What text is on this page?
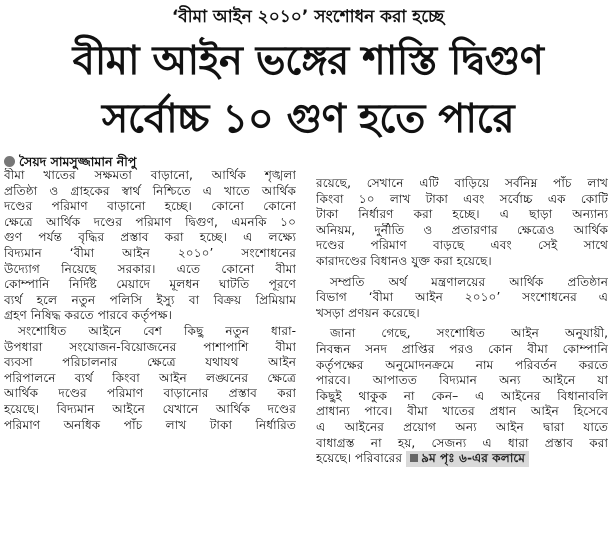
‘বীমা আইন ২০১০’ সংশোধন করা হচ্ছে
বীমা আইন ভঙ্গের শাস্তি দ্বিগুণ
সর্বোচ্চ ১০ গুণ হতে পারে
সৈয়দ সামসুজ্জামান নীপু
বীমা খাতের সক্ষমতা বাড়ানো, আর্থিক শৃঙ্খলা
প্রতিষ্ঠা ও গ্রাহকের স্বার্থ নিশ্চিতে এ খাতে আর্থিক
দণ্ডের পরিমাণ বাড়ানো হচ্ছে। কোনো কোনো
ক্ষেত্রে আর্থিক দণ্ডের পরিমাণ দ্বিগুণ, এমনকি ১০
গুণ পর্যন্ত বৃদ্ধির প্রস্তাব করা হচ্ছে। এ লক্ষ্যে
বিদ্যমান ‘বীমা আইন ২০১০’ সংশোধনের
উদ্যোগ নিয়েছে সরকার। এতে কোনো বীমা
কোম্পানি নির্দিষ্ট মেয়াদে মূলধন ঘাটতি পূরণে
ব্যর্থ হলে নতুন পলিসি ইস্যু বা বিক্রয় প্রিমিয়াম
গ্রহণ নিষিদ্ধ করতে পারবে কর্তৃপক্ষ।
সংশোধিত আইনে বেশ কিছু নতুন ধারা-
উপধারা সংযোজন-বিয়োজনের পাশাপাশি বীমা
ব্যবসা পরিচালনার ক্ষেত্রে যথাযথ আইন
পরিপালনে ব্যর্থ কিংবা আইন লঙ্ঘনের ক্ষেত্রে
আর্থিক দণ্ডের পরিমাণ বাড়ানোর প্রস্তাব করা
হয়েছে। বিদ্যমান আইনে যেখানে আর্থিক দণ্ডের
পরিমাণ অনধিক পাঁচ লাখ টাকা নির্ধারিত
রয়েছে, সেখানে এটি বাড়িয়ে সর্বনিম্ন পাঁচ লাখ
কিংবা ১০ লাখ টাকা এবং সর্বোচ্চ এক কোটি
টাকা নির্ধারণ করা হচ্ছে। এ ছাড়া অন্যান্য
অনিয়ম, দুর্নীতি ও প্রতারণার ক্ষেত্রেও আর্থিক
দণ্ডের পরিমাণ বাড়ছে এবং সেই সাথে
কারাদণ্ডের বিধানও যুক্ত করা হয়েছে।
সম্প্রতি অর্থ মন্ত্রণালয়ের আর্থিক প্রতিষ্ঠান
বিভাগ ‘বীমা আইন ২০১০’ সংশোধনের এ
খসড়া প্রণয়ন করেছে।
জানা গেছে, সংশোধিত আইন অনুযায়ী,
নিবন্ধন সনদ প্রাপ্তির পরও কোন বীমা কোম্পানি
কর্তৃপক্ষের অনুমোদনক্রমে নাম পরিবর্তন করতে
পারবে। আপাতত বিদ্যমান অন্য আইনে যা
কিছুই থাকুক না কেন– এ আইনের বিধানাবলি
প্রাধান্য পাবে। বীমা খাতের প্রধান আইন হিসেবে
এ আইনের প্রয়োগ অন্য আইন দ্বারা যাতে
বাধাগ্রস্ত না হয়, সেজন্য এ ধারা প্রস্তাব করা
হয়েছে। পরিবারের ৯ম পৃঃ ৬-এর কলামে
